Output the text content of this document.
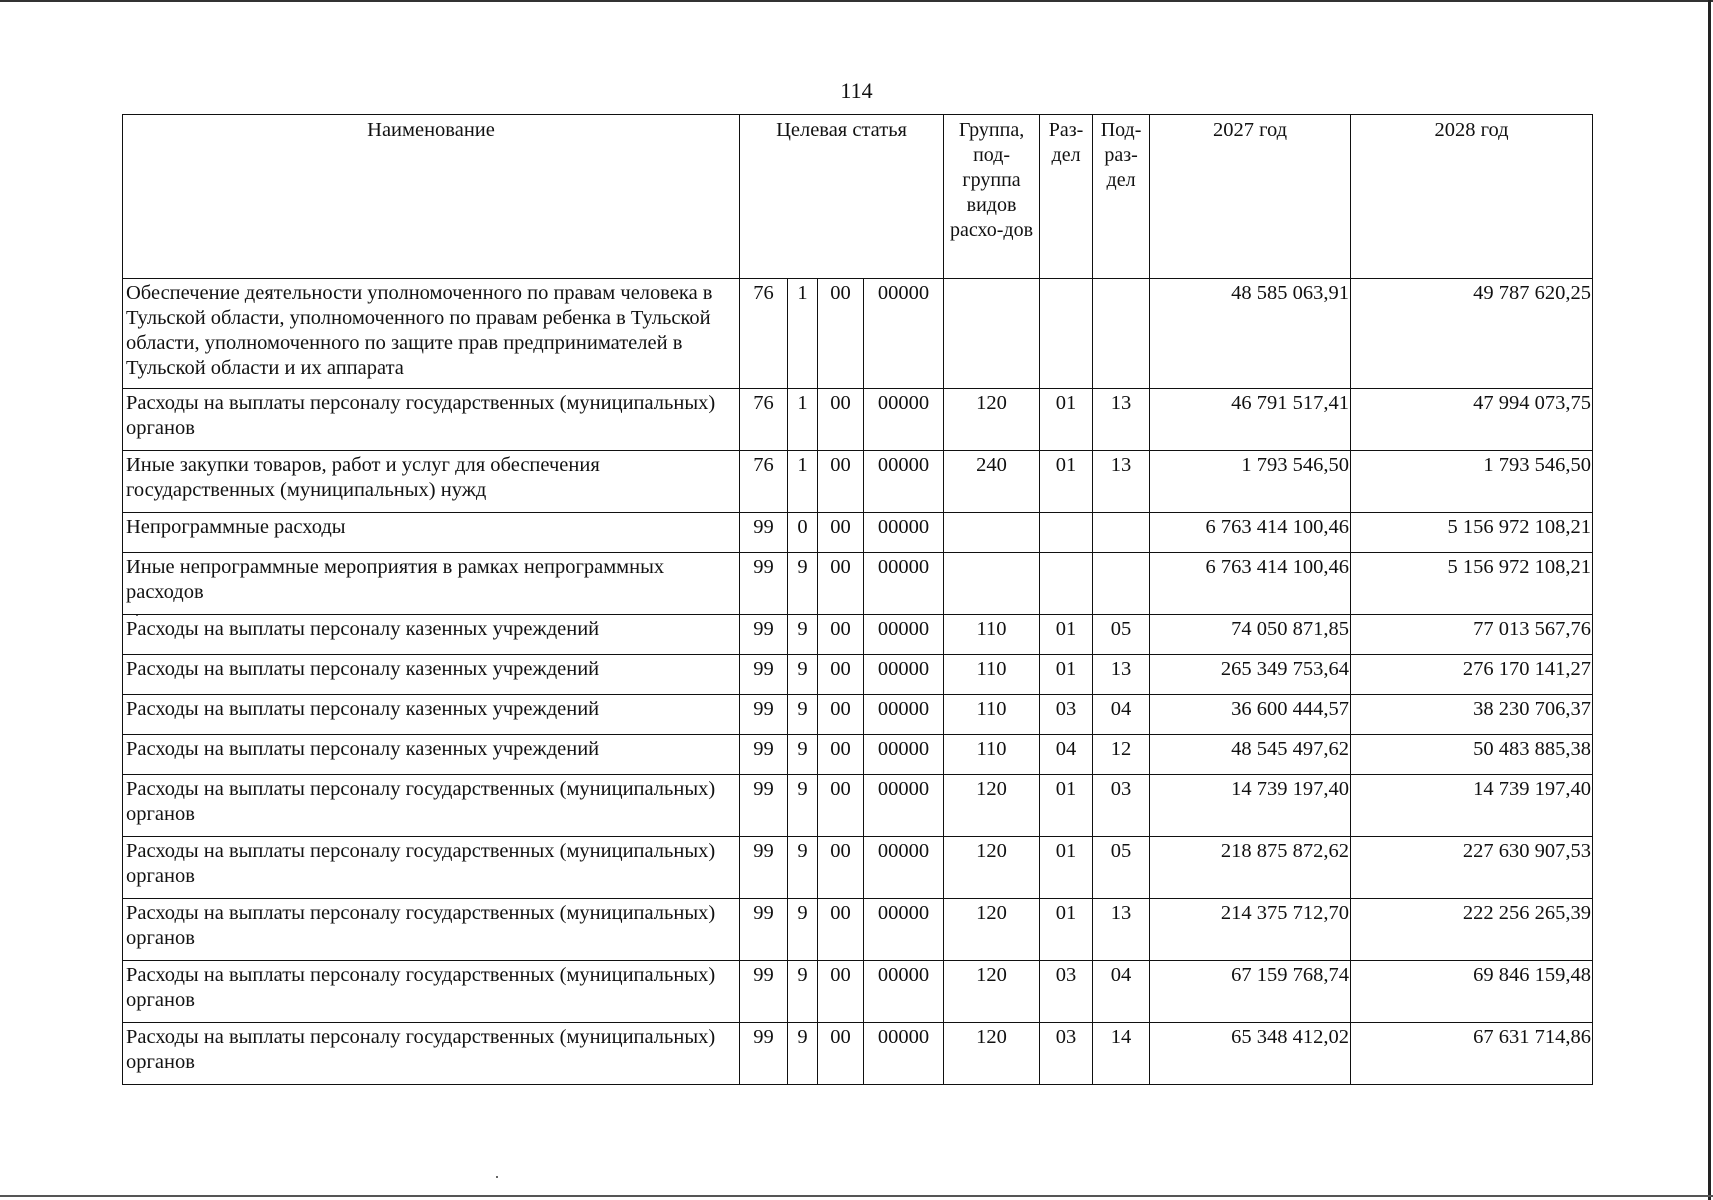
114
Наименование	Целевая статья				Группа, под-группа видов расхо-дов	Раз-дел	Под-раз-дел	2027 год	2028 год
Обеспечение деятельности уполномоченного по правам человека в Тульской области, уполномоченного по правам ребенка в Тульской области, уполномоченного по защите прав предпринимателей в Тульской области и их аппарата	76	1	00	00000				48 585 063,91	49 787 620,25
Расходы на выплаты персоналу государственных (муниципальных) органов	76	1	00	00000	120	01	13	46 791 517,41	47 994 073,75
Иные закупки товаров, работ и услуг для обеспечения государственных (муниципальных) нужд	76	1	00	00000	240	01	13	1 793 546,50	1 793 546,50
Непрограммные расходы	99	0	00	00000				6 763 414 100,46	5 156 972 108,21
Иные непрограммные мероприятия в рамках непрограммных расходов	99	9	00	00000				6 763 414 100,46	5 156 972 108,21
Расходы на выплаты персоналу казенных учреждений	99	9	00	00000	110	01	05	74 050 871,85	77 013 567,76
Расходы на выплаты персоналу казенных учреждений	99	9	00	00000	110	01	13	265 349 753,64	276 170 141,27
Расходы на выплаты персоналу казенных учреждений	99	9	00	00000	110	03	04	36 600 444,57	38 230 706,37
Расходы на выплаты персоналу казенных учреждений	99	9	00	00000	110	04	12	48 545 497,62	50 483 885,38
Расходы на выплаты персоналу государственных (муниципальных) органов	99	9	00	00000	120	01	03	14 739 197,40	14 739 197,40
Расходы на выплаты персоналу государственных (муниципальных) органов	99	9	00	00000	120	01	05	218 875 872,62	227 630 907,53
Расходы на выплаты персоналу государственных (муниципальных) органов	99	9	00	00000	120	01	13	214 375 712,70	222 256 265,39
Расходы на выплаты персоналу государственных (муниципальных) органов	99	9	00	00000	120	03	04	67 159 768,74	69 846 159,48
Расходы на выплаты персоналу государственных (муниципальных) органов	99	9	00	00000	120	03	14	65 348 412,02	67 631 714,86
